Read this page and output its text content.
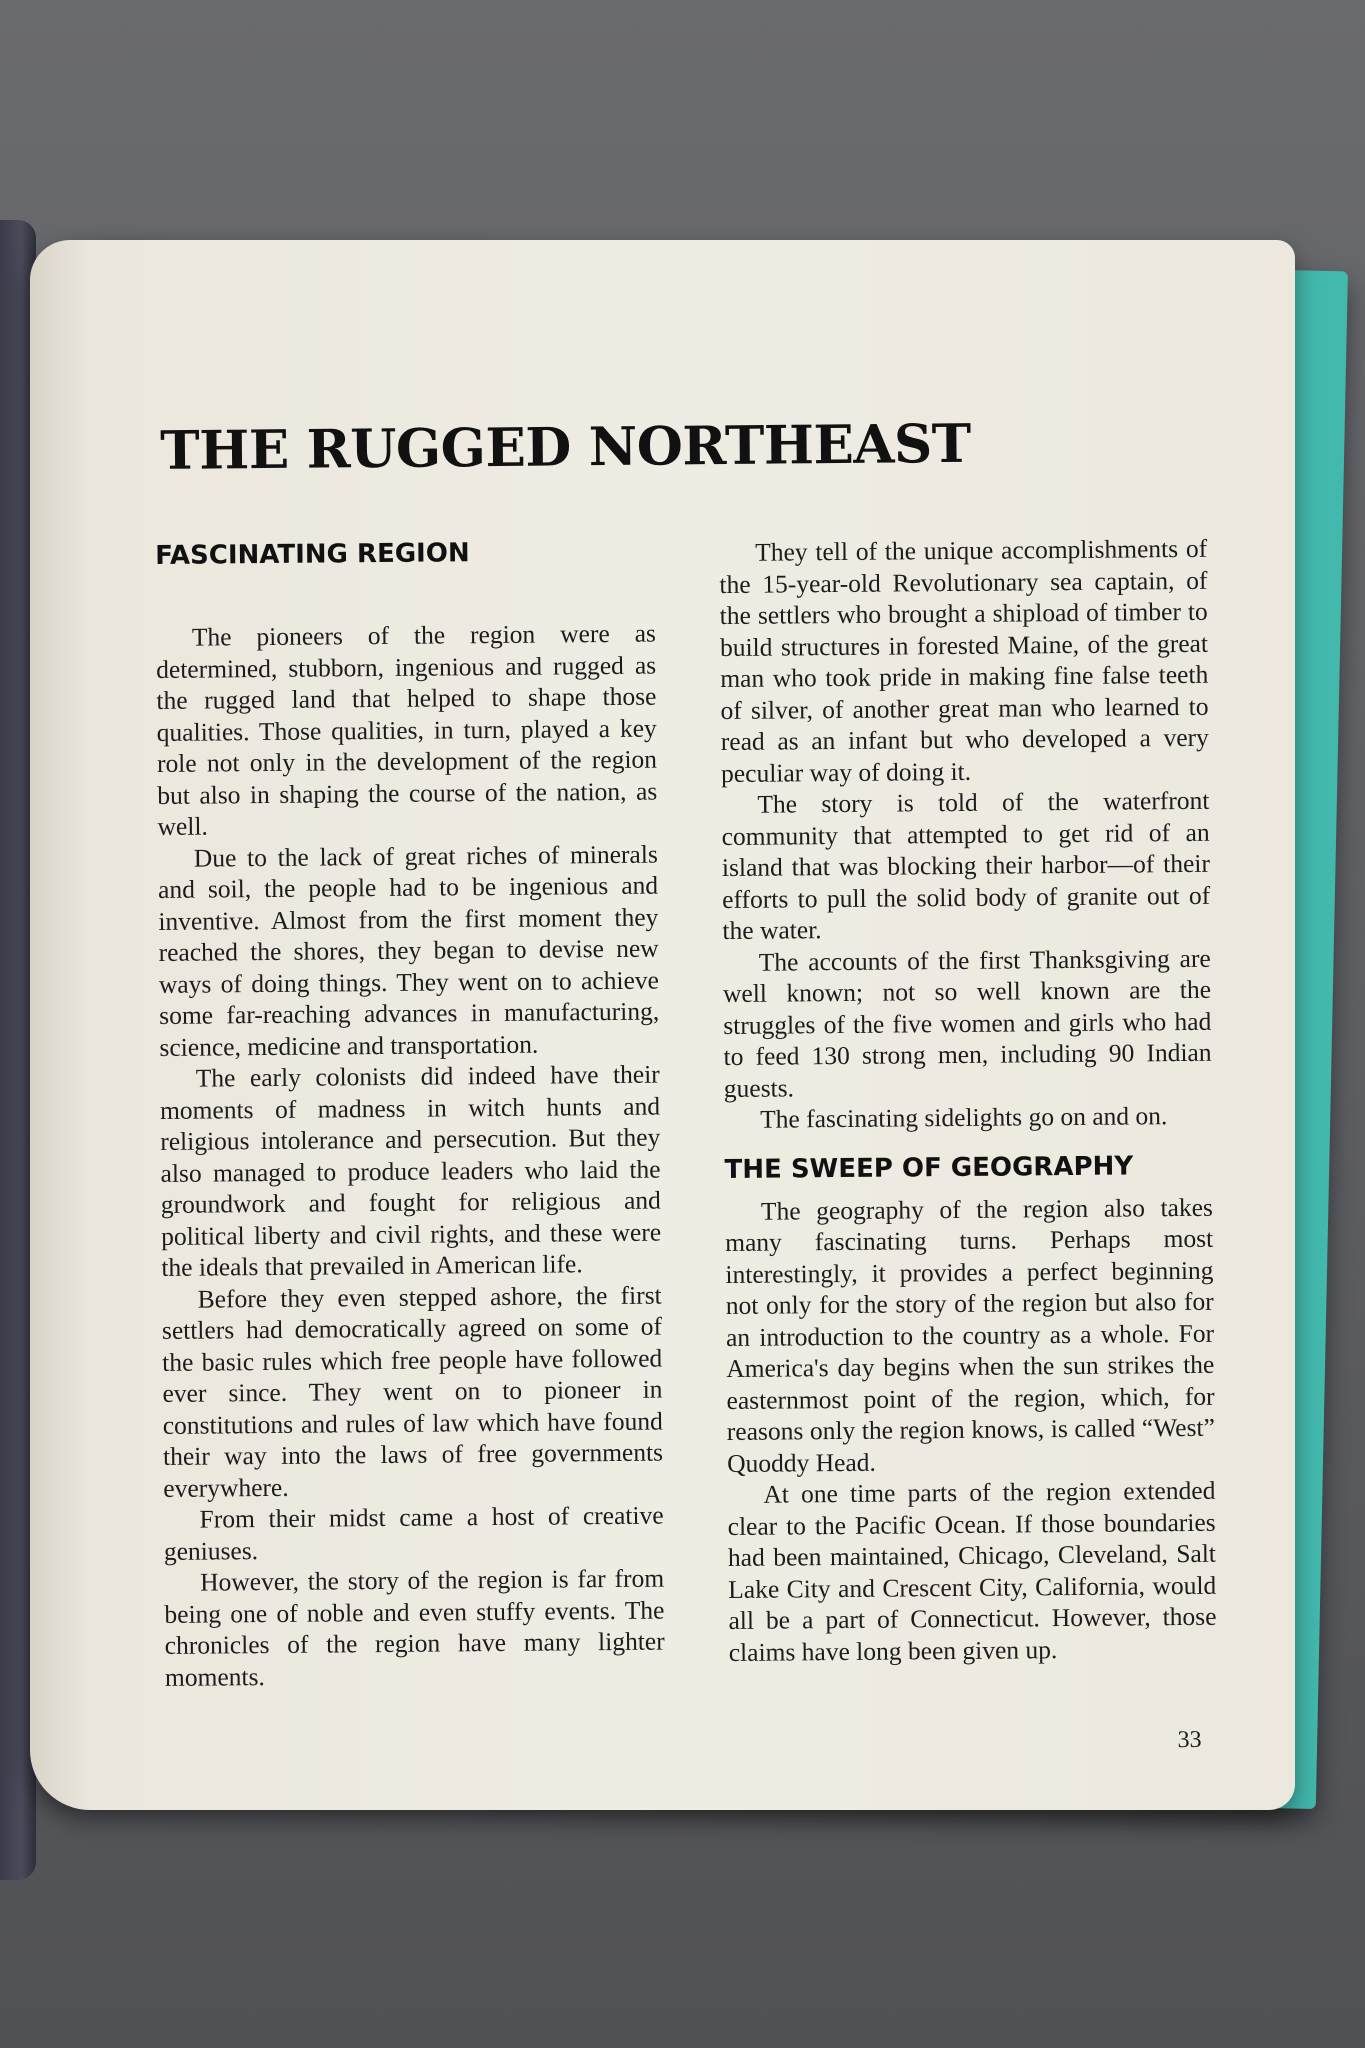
THE RUGGED NORTHEAST
FASCINATING REGION

The pioneers of the region were as determined, stubborn, ingenious and rugged as the rugged land that helped to shape those qualities. Those qualities, in turn, played a key role not only in the development of the region but also in shaping the course of the nation, as well.

Due to the lack of great riches of minerals and soil, the people had to be ingenious and inventive. Almost from the first moment they reached the shores, they began to devise new ways of doing things. They went on to achieve some far-reaching advances in manufacturing, science, medicine and transportation.

The early colonists did indeed have their moments of madness in witch hunts and religious intolerance and persecution. But they also managed to produce leaders who laid the groundwork and fought for religious and political liberty and civil rights, and these were the ideals that prevailed in American life.

Before they even stepped ashore, the first settlers had democratically agreed on some of the basic rules which free people have followed ever since. They went on to pioneer in constitutions and rules of law which have found their way into the laws of free governments everywhere.

From their midst came a host of creative geniuses.

However, the story of the region is far from being one of noble and even stuffy events. The chronicles of the region have many lighter moments.

They tell of the unique accomplishments of the 15-year-old Revolutionary sea captain, of the settlers who brought a shipload of timber to build structures in forested Maine, of the great man who took pride in making fine false teeth of silver, of another great man who learned to read as an infant but who developed a very peculiar way of doing it.

The story is told of the waterfront community that attempted to get rid of an island that was blocking their harbor—of their efforts to pull the solid body of granite out of the water.

The accounts of the first Thanksgiving are well known; not so well known are the struggles of the five women and girls who had to feed 130 strong men, including 90 Indian guests.

The fascinating sidelights go on and on.

THE SWEEP OF GEOGRAPHY

The geography of the region also takes many fascinating turns. Perhaps most interestingly, it provides a perfect beginning not only for the story of the region but also for an introduction to the country as a whole. For America's day begins when the sun strikes the easternmost point of the region, which, for reasons only the region knows, is called “West” Quoddy Head.

At one time parts of the region extended clear to the Pacific Ocean. If those boundaries had been maintained, Chicago, Cleveland, Salt Lake City and Crescent City, California, would all be a part of Connecticut. However, those claims have long been given up.

33
